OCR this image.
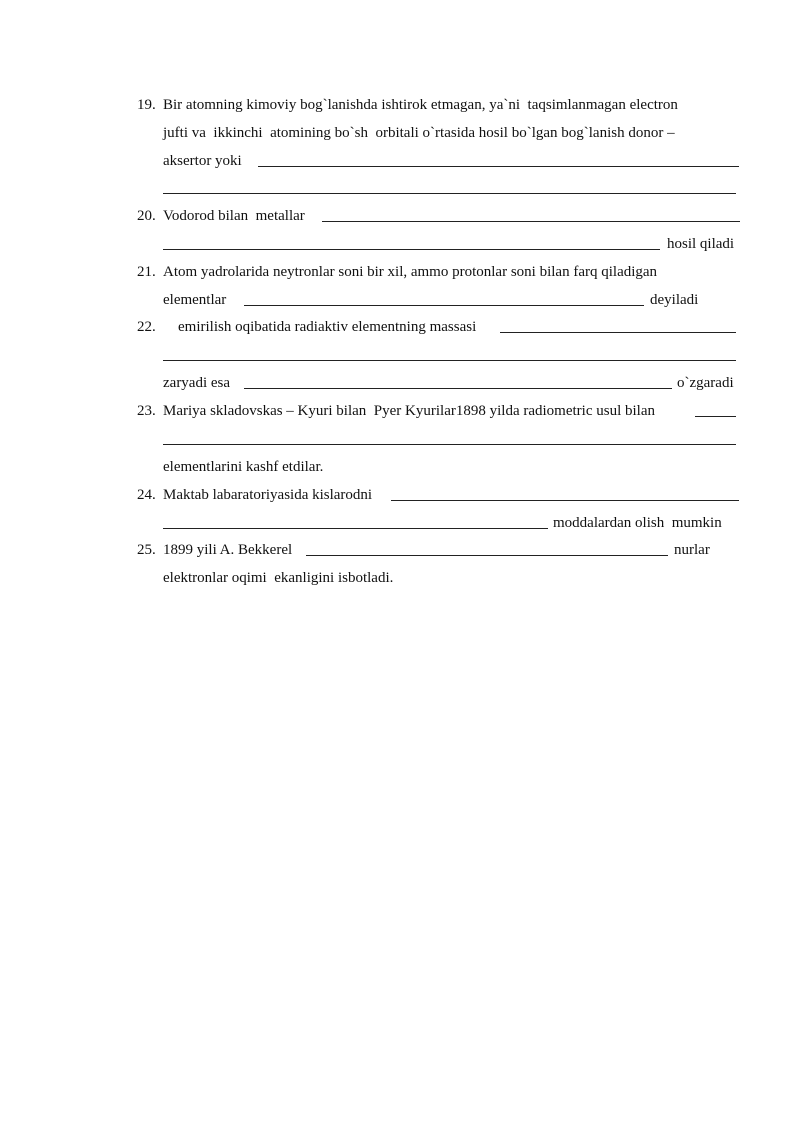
19. Bir atomning kimoviy bog`lanishda ishtirok etmagan, ya`ni  taqsimlanmagan electron
jufti va  ikkinchi  atomining bo`sh  orbitali o`rtasida hosil bo`lgan bog`lanish donor –
aksertor yoki
20. Vodorod bilan  metallar
hosil qiladi
21. Atom yadrolarida neytronlar soni bir xil, ammo protonlar soni bilan farq qiladigan
elementlar	deyiladi
22. emirilish oqibatida radiaktiv elementning massasi
zaryadi esa	o`zgaradi
23. Mariya skladovskas – Kyuri bilan  Pyer Kyurilar1898 yilda radiometric usul bilan
elementlarini kashf etdilar.
24. Maktab labaratoriyasida kislarodni
moddalardan olish  mumkin
25. 1899 yili A. Bekkerel	nurlar
elektronlar oqimi  ekanligini isbotladi.
